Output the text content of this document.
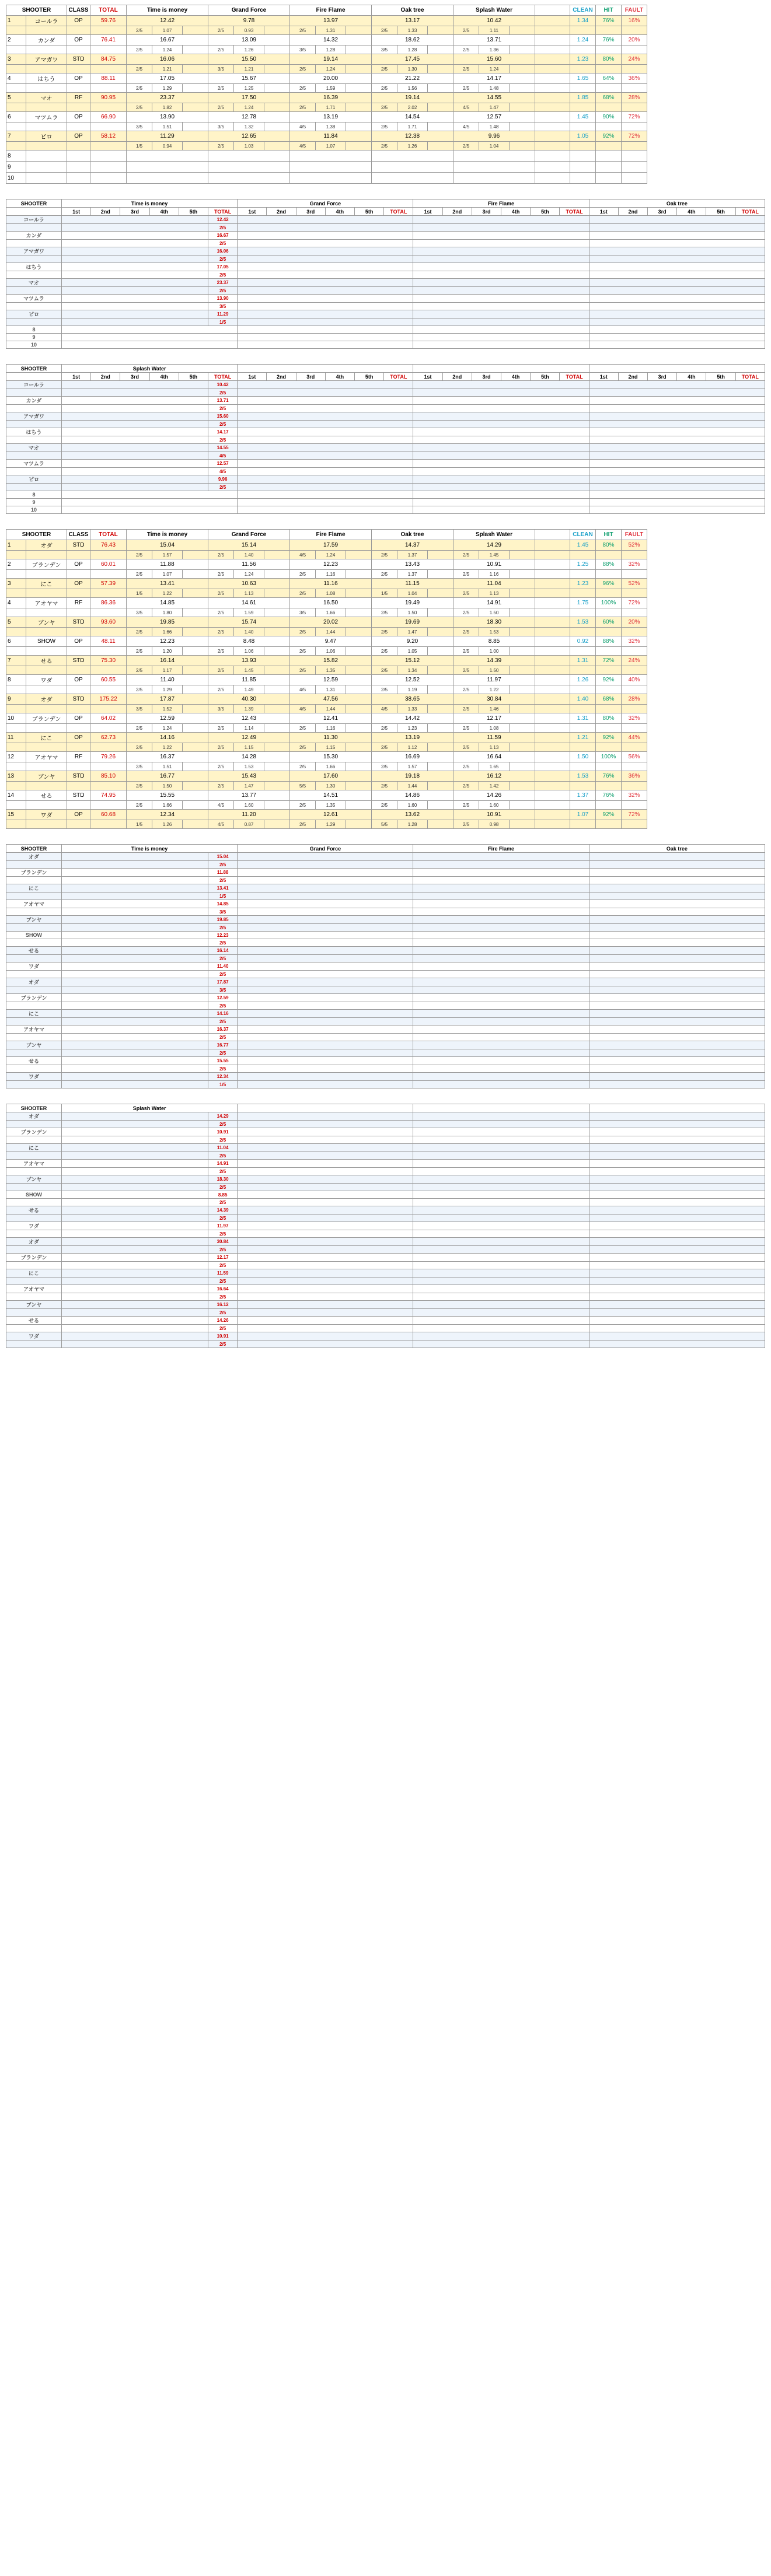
SHOOTER		CLASS	TOTAL	Time is money			Grand Force			Fire Flame			Oak tree			Splash Water				CLEAN	HIT	FAULT
1	コールラ	OP	59.76	12.42			9.78			13.97			13.17			10.42				1.34	76%	16%
				2/5	1.07		2/5	0.93		2/5	1.31		2/5	1.33		2/5	1.11					
2	カンダ	OP	76.41	16.67			13.09			14.32			18.62			13.71				1.24	76%	20%
				2/5	1.24		2/5	1.26		3/5	1.28		3/5	1.28		2/5	1.36					
3	アマガワ	STD	84.75	16.06			15.50			19.14			17.45			15.60				1.23	80%	24%
				2/5	1.21		3/5	1.21		2/5	1.24		2/5	1.30		2/5	1.24					
4	はちう	OP	88.11	17.05			15.67			20.00			21.22			14.17				1.65	64%	36%
				2/5	1.29		2/5	1.25		2/5	1.59		2/5	1.56		2/5	1.48					
5	マオ	RF	90.95	23.37			17.50			16.39			19.14			14.55				1.85	68%	28%
				2/5	1.82		2/5	1.24		2/5	1.71		2/5	2.02		4/5	1.47					
6	マツムラ	OP	66.90	13.90			12.78			13.19			14.54			12.57				1.45	90%	72%
				3/5	1.51		3/5	1.32		4/5	1.38		2/5	1.71		4/5	1.48					
7	ピロ	OP	58.12	11.29			12.65			11.84			12.38			9.96				1.05	92%	72%
				1/5	0.94		2/5	1.03		4/5	1.07		2/5	1.26		2/5	1.04					
8																						
9																						
10																						
SHOOTER	Time is money						Grand Force						Fire Flame						Oak tree					
	1st	2nd	3rd	4th	5th	TOTAL	1st	2nd	3rd	4th	5th	TOTAL	1st	2nd	3rd	4th	5th	TOTAL	1st	2nd	3rd	4th	5th	TOTAL
コールラ						12.42																		
						2/5																		
カンダ						16.67																		
						2/5																		
アマガワ						16.06																		
						2/5																		
はちう						17.05																		
						2/5																		
マオ						23.37																		
						2/5																		
マツムラ						13.90																		
						3/5																		
ピロ						11.29																		
						1/5																		
8																								
9																								
10																								
SHOOTER	Splash Water																							
	1st	2nd	3rd	4th	5th	TOTAL	1st	2nd	3rd	4th	5th	TOTAL	1st	2nd	3rd	4th	5th	TOTAL	1st	2nd	3rd	4th	5th	TOTAL
コールラ						10.42																		
						2/5																		
カンダ						13.71																		
						2/5																		
アマガワ						15.60																		
						2/5																		
はちう						14.17																		
						2/5																		
マオ						14.55																		
						4/5																		
マツムラ						12.57																		
						4/5																		
ピロ						9.96																		
						2/5																		
8																								
9																								
10																								
SHOOTER		CLASS	TOTAL	Time is money			Grand Force			Fire Flame			Oak tree			Splash Water				CLEAN	HIT	FAULT
1	オダ	STD	76.43	15.04			15.14			17.59			14.37			14.29				1.45	80%	52%
				2/5	1.57		2/5	1.40		4/5	1.24		2/5	1.37		2/5	1.45					
2	ブランデン	OP	60.01	11.88			11.56			12.23			13.43			10.91				1.25	88%	32%
				2/5	1.07		2/5	1.24		2/5	1.16		2/5	1.37		2/5	1.16					
3	にこ	OP	57.39	13.41			10.63			11.16			11.15			11.04				1.23	96%	52%
				1/5	1.22		2/5	1.13		2/5	1.08		1/5	1.04		2/5	1.13					
4	アオヤマ	RF	86.36	14.85			14.61			16.50			19.49			14.91				1.75	100%	72%
				3/5	1.80		2/5	1.59		3/5	1.66		2/5	1.50		2/5	1.50					
5	ブンヤ	STD	93.60	19.85			15.74			20.02			19.69			18.30				1.53	60%	20%
				2/5	1.66		2/5	1.40		2/5	1.44		2/5	1.47		2/5	1.53					
6	SHOW	OP	48.11	12.23			8.48			9.47			9.20			8.85				0.92	88%	32%
				2/5	1.20		2/5	1.06		2/5	1.06		2/5	1.05		2/5	1.00					
7	せる	STD	75.30	16.14			13.93			15.82			15.12			14.39				1.31	72%	24%
				2/5	1.17		2/5	1.45		2/5	1.35		2/5	1.34		2/5	1.50					
8	ワダ	OP	60.55	11.40			11.85			12.59			12.52			11.97				1.26	92%	40%
				2/5	1.29		2/5	1.49		4/5	1.31		2/5	1.19		2/5	1.22					
9	オダ	STD	175.22	17.87			40.30			47.56			38.65			30.84				1.40	68%	28%
				3/5	1.52		3/5	1.39		4/5	1.44		4/5	1.33		2/5	1.46					
10	ブランデン	OP	64.02	12.59			12.43			12.41			14.42			12.17				1.31	80%	32%
				2/5	1.24		2/5	1.14		2/5	1.16		2/5	1.23		2/5	1.08					
11	にこ	OP	62.73	14.16			12.49			11.30			13.19			11.59				1.21	92%	44%
				2/5	1.22		2/5	1.15		2/5	1.15		2/5	1.12		2/5	1.13					
12	アオヤマ	RF	79.26	16.37			14.28			15.30			16.69			16.64				1.50	100%	56%
				2/5	1.51		2/5	1.53		2/5	1.66		2/5	1.57		2/5	1.65					
13	ブンヤ	STD	85.10	16.77			15.43			17.60			19.18			16.12				1.53	76%	36%
				2/5	1.50		2/5	1.47		5/5	1.30		2/5	1.44		2/5	1.42					
14	せる	STD	74.95	15.55			13.77			14.51			14.86			14.26				1.37	76%	32%
				2/5	1.66		4/5	1.60		2/5	1.35		2/5	1.60		2/5	1.60					
15	ワダ	OP	60.68	12.34			11.20			12.61			13.62			10.91				1.07	92%	72%
				1/5	1.26		4/5	0.87		2/5	1.29		5/5	1.28		2/5	0.98					
SHOOTER	Time is money		Grand Force	Fire Flame	Oak tree
オダ		15.04			
		2/5			
ブランデン		11.88			
		2/5			
にこ		13.41			
		1/5			
アオヤマ		14.85			
		3/5			
ブンヤ		19.85			
		2/5			
SHOW		12.23			
		2/5			
せる		16.14			
		2/5			
ワダ		11.40			
		2/5			
オダ		17.87			
		3/5			
ブランデン		12.59			
		2/5			
にこ		14.16			
		2/5			
アオヤマ		16.37			
		2/5			
ブンヤ		16.77			
		2/5			
せる		15.55			
		2/5			
ワダ		12.34			
		1/5			
SHOOTER	Splash Water				
オダ		14.29			
		2/5			
ブランデン		10.91			
		2/5			
にこ		11.04			
		2/5			
アオヤマ		14.91			
		2/5			
ブンヤ		18.30			
		2/5			
SHOW		8.85			
		2/5			
せる		14.39			
		2/5			
ワダ		11.97			
		2/5			
オダ		30.84			
		2/5			
ブランデン		12.17			
		2/5			
にこ		11.59			
		2/5			
アオヤマ		16.64			
		2/5			
ブンヤ		16.12			
		2/5			
せる		14.26			
		2/5			
ワダ		10.91			
		2/5			
